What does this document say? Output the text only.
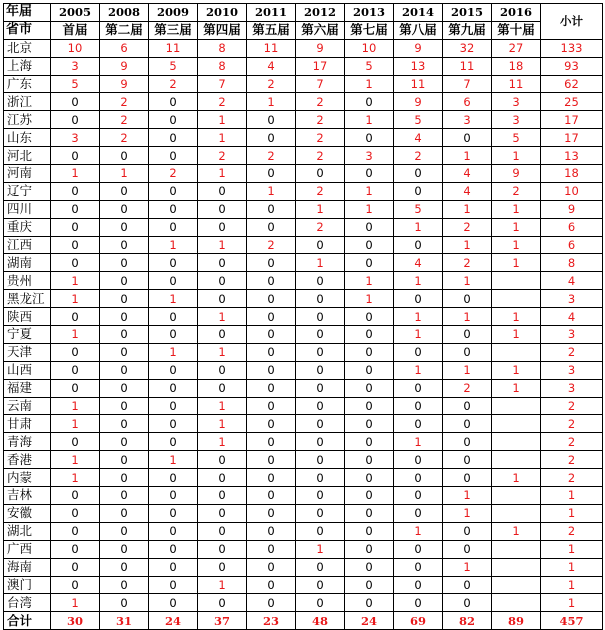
年届	2005	2008	2009	2010	2011	2012	2013	2014	2015	2016	小计
省市	首届	第二届	第三届	第四届	第五届	第六届	第七届	第八届	第九届	第十届	
北京	10	6	11	8	11	9	10	9	32	27	133
上海	3	9	5	8	4	17	5	13	11	18	93
广东	5	9	2	7	2	7	1	11	7	11	62
浙江	0	2	0	2	1	2	0	9	6	3	25
江苏	0	2	0	1	0	2	1	5	3	3	17
山东	3	2	0	1	0	2	0	4	0	5	17
河北	0	0	0	2	2	2	3	2	1	1	13
河南	1	1	2	1	0	0	0	0	4	9	18
辽宁	0	0	0	0	1	2	1	0	4	2	10
四川	0	0	0	0	0	1	1	5	1	1	9
重庆	0	0	0	0	0	2	0	1	2	1	6
江西	0	0	1	1	2	0	0	0	1	1	6
湖南	0	0	0	0	0	1	0	4	2	1	8
贵州	1	0	0	0	0	0	1	1	1		4
黑龙江	1	0	1	0	0	0	1	0	0		3
陕西	0	0	0	1	0	0	0	1	1	1	4
宁夏	1	0	0	0	0	0	0	1	0	1	3
天津	0	0	1	1	0	0	0	0	0		2
山西	0	0	0	0	0	0	0	1	1	1	3
福建	0	0	0	0	0	0	0	0	2	1	3
云南	1	0	0	1	0	0	0	0	0		2
甘肃	1	0	0	1	0	0	0	0	0		2
青海	0	0	0	1	0	0	0	1	0		2
香港	1	0	1	0	0	0	0	0	0		2
内蒙	1	0	0	0	0	0	0	0	0	1	2
吉林	0	0	0	0	0	0	0	0	1		1
安徽	0	0	0	0	0	0	0	0	1		1
湖北	0	0	0	0	0	0	0	1	0	1	2
广西	0	0	0	0	0	1	0	0	0		1
海南	0	0	0	0	0	0	0	0	1		1
澳门	0	0	0	1	0	0	0	0	0		1
台湾	1	0	0	0	0	0	0	0	0		1
合计	30	31	24	37	23	48	24	69	82	89	457
